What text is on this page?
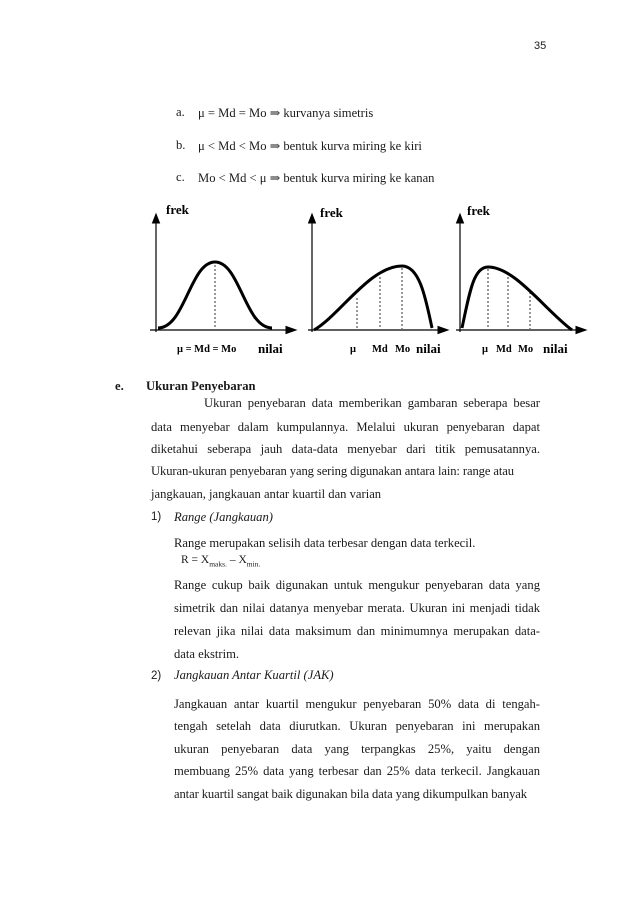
35
a. μ = Md = Mo ⇒ kurvanya simetris
b. μ < Md < Mo ⇒ bentuk kurva miring ke kiri
c. Mo < Md < μ ⇒ bentuk kurva miring ke kanan
frek	frek	frek
μ = Md = Mo nilai	μ Md Mo nilai	μ Md Mo nilai
e. Ukuran Penyebaran
Ukuran penyebaran data memberikan gambaran seberapa besar
data menyebar dalam kumpulannya. Melalui ukuran penyebaran dapat
diketahui seberapa jauh data-data menyebar dari titik pemusatannya.
Ukuran-ukuran penyebaran yang sering digunakan antara lain: range atau
jangkauan, jangkauan antar kuartil dan varian
1) Range (Jangkauan)
Range merupakan selisih data terbesar dengan data terkecil.
$R = X_{maks.} - X_{min.}$
Range cukup baik digunakan untuk mengukur penyebaran data yang
simetrik dan nilai datanya menyebar merata. Ukuran ini menjadi tidak
relevan jika nilai data maksimum dan minimumnya merupakan data-
data ekstrim.
2) Jangkauan Antar Kuartil (JAK)
Jangkauan antar kuartil mengukur penyebaran 50% data di tengah-
tengah setelah data diurutkan. Ukuran penyebaran ini merupakan
ukuran penyebaran data yang terpangkas 25%, yaitu dengan
membuang 25% data yang terbesar dan 25% data terkecil. Jangkauan
antar kuartil sangat baik digunakan bila data yang dikumpulkan banyak
